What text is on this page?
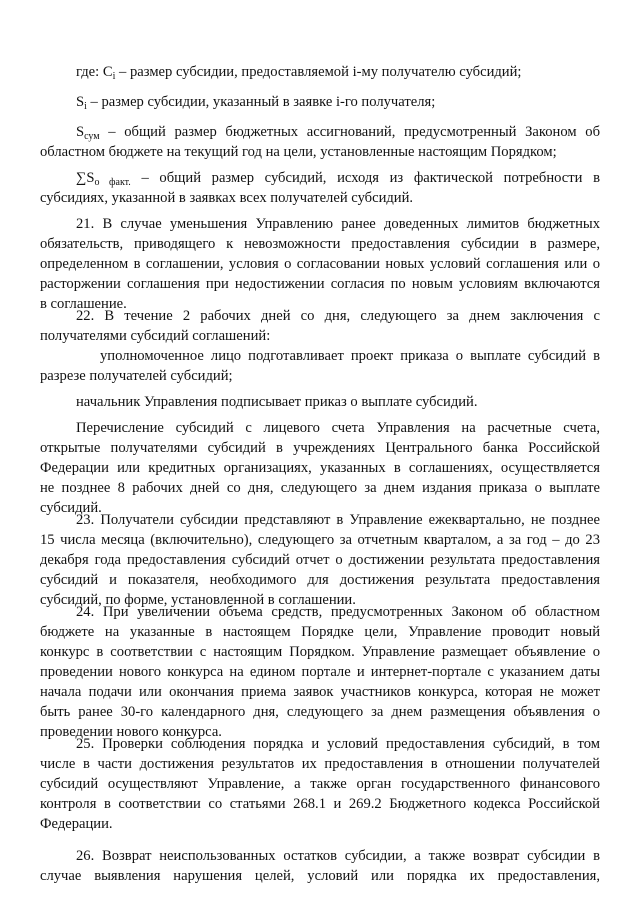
где: $C_i$ – размер субсидии, предоставляемой i-му получателю субсидий;
$S_i$ – размер субсидии, указанный в заявке i-го получателя;
$S_{сум}$ – общий размер бюджетных ассигнований, предусмотренный Законом об
областном бюджете на текущий год на цели, установленные настоящим Порядком;
$\sum S_{о факт.}$ – общий размер субсидий, исходя из фактической потребности в
субсидиях, указанной в заявках всех получателей субсидий.
21. В случае уменьшения Управлению ранее доведенных лимитов бюджетных
обязательств, приводящего к невозможности предоставления субсидии в размере,
определенном в соглашении, условия о согласовании новых условий соглашения или о
расторжении соглашения при недостижении согласия по новым условиям включаются
в соглашение.
22. В течение 2 рабочих дней со дня, следующего за днем заключения с
получателями субсидий соглашений:
уполномоченное лицо подготавливает проект приказа о выплате субсидий в
разрезе получателей субсидий;
начальник Управления подписывает приказ о выплате субсидий.
Перечисление субсидий с лицевого счета Управления на расчетные счета,
открытые получателями субсидий в учреждениях Центрального банка Российской
Федерации или кредитных организациях, указанных в соглашениях, осуществляется
не позднее 8 рабочих дней со дня, следующего за днем издания приказа о выплате
субсидий.
23. Получатели субсидии представляют в Управление ежеквартально, не позднее
15 числа месяца (включительно), следующего за отчетным кварталом, а за год – до 23
декабря года предоставления субсидий отчет о достижении результата предоставления
субсидий и показателя, необходимого для достижения результата предоставления
субсидий, по форме, установленной в соглашении.
24. При увеличении объема средств, предусмотренных Законом об областном
бюджете на указанные в настоящем Порядке цели, Управление проводит новый
конкурс в соответствии с настоящим Порядком. Управление размещает объявление о
проведении нового конкурса на едином портале и интернет-портале с указанием даты
начала подачи или окончания приема заявок участников конкурса, которая не может
быть ранее 30-го календарного дня, следующего за днем размещения объявления о
проведении нового конкурса.
25. Проверки соблюдения порядка и условий предоставления субсидий, в том
числе в части достижения результатов их предоставления в отношении получателей
субсидий осуществляют Управление, а также орган государственного финансового
контроля в соответствии со статьями 268.1 и 269.2 Бюджетного кодекса Российской
Федерации.
26. Возврат неиспользованных остатков субсидии, а также возврат субсидии в
случае выявления нарушения целей, условий или порядка их предоставления,
